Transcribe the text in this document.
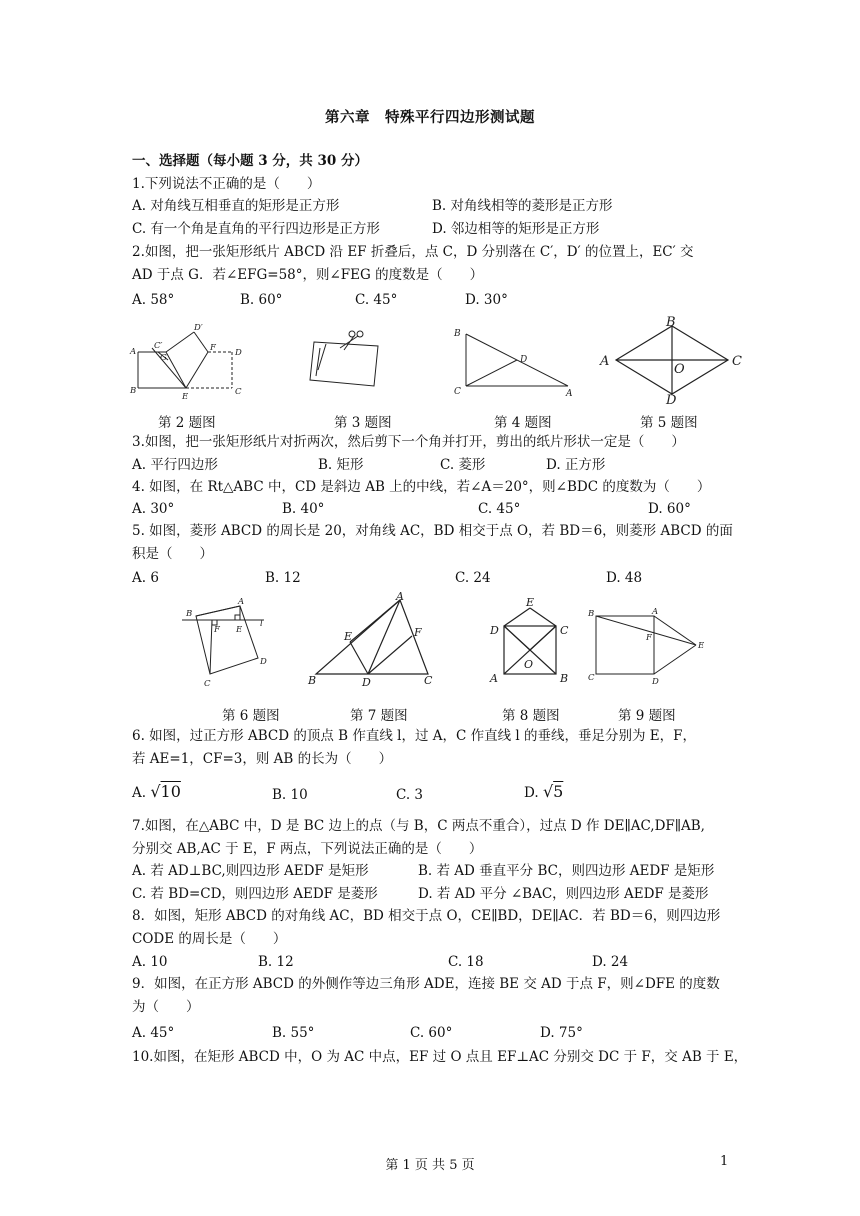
第六章　特殊平行四边形测试题
一、选择题（每小题 3 分，共 30 分）
1.下列说法不正确的是（　　）
A. 对角线互相垂直的矩形是正方形	B. 对角线相等的菱形是正方形
C. 有一个角是直角的平行四边形是正方形	D. 邻边相等的矩形是正方形
2.如图，把一张矩形纸片 ABCD 沿 EF 折叠后，点 C，D 分别落在 C′，D′ 的位置上，EC′ 交
AD 于点 G．若∠EFG=58°，则∠FEG 的度数是（　　）
A. 58°	B. 60°	C. 45°	D. 30°
A
B
C′
D′
G
F D
E	C
B
D
C	A
B
A
O
C
D
第 2 题图	第 3 题图	第 4 题图	第 5 题图
3.如图，把一张矩形纸片对折两次，然后剪下一个角并打开，剪出的纸片形状一定是（　　）
A. 平行四边形	B. 矩形	C. 菱形	D. 正方形
4. 如图，在 Rt△ABC 中，CD 是斜边 AB 上的中线，若∠A＝20°，则∠BDC 的度数为（　　）
A. 30°	B. 40°	C. 45°	D. 60°
5. 如图，菱形 ABCD 的周长是 20，对角线 AC，BD 相交于点 O，若 BD＝6，则菱形 ABCD 的面
积是（　　）
A. 6	B. 12	C. 24	D. 48
B
A
F E
l
D
C
A
E	F
B	D	C
E
D	C
O
A	B
B	A
F
E
C	D
第 6 题图	第 7 题图	第 8 题图	第 9 题图
6. 如图，过正方形 ABCD 的顶点 B 作直线 l，过 A，C 作直线 l 的垂线，垂足分别为 E，F，
若 AE=1，CF=3，则 AB 的长为（　　）
A. √10	B. 10	C. 3	D. √5
7.如图，在△ABC 中，D 是 BC 边上的点（与 B，C 两点不重合），过点 D 作 DE∥AC,DF∥AB,
分别交 AB,AC 于 E，F 两点，下列说法正确的是（　　）
A. 若 AD⊥BC,则四边形 AEDF 是矩形	B. 若 AD 垂直平分 BC，则四边形 AEDF 是矩形
C. 若 BD=CD，则四边形 AEDF 是菱形	D. 若 AD 平分 ∠BAC，则四边形 AEDF 是菱形
8．如图，矩形 ABCD 的对角线 AC，BD 相交于点 O，CE∥BD，DE∥AC．若 BD＝6，则四边形
CODE 的周长是（　　）
A. 10	B. 12	C. 18	D. 24
9．如图，在正方形 ABCD 的外侧作等边三角形 ADE，连接 BE 交 AD 于点 F，则∠DFE 的度数
为（　　）
A. 45°	B. 55°	C. 60°	D. 75°
10.如图，在矩形 ABCD 中，O 为 AC 中点，EF 过 O 点且 EF⊥AC 分别交 DC 于 F，交 AB 于 E，
第 1 页 共 5 页	1
